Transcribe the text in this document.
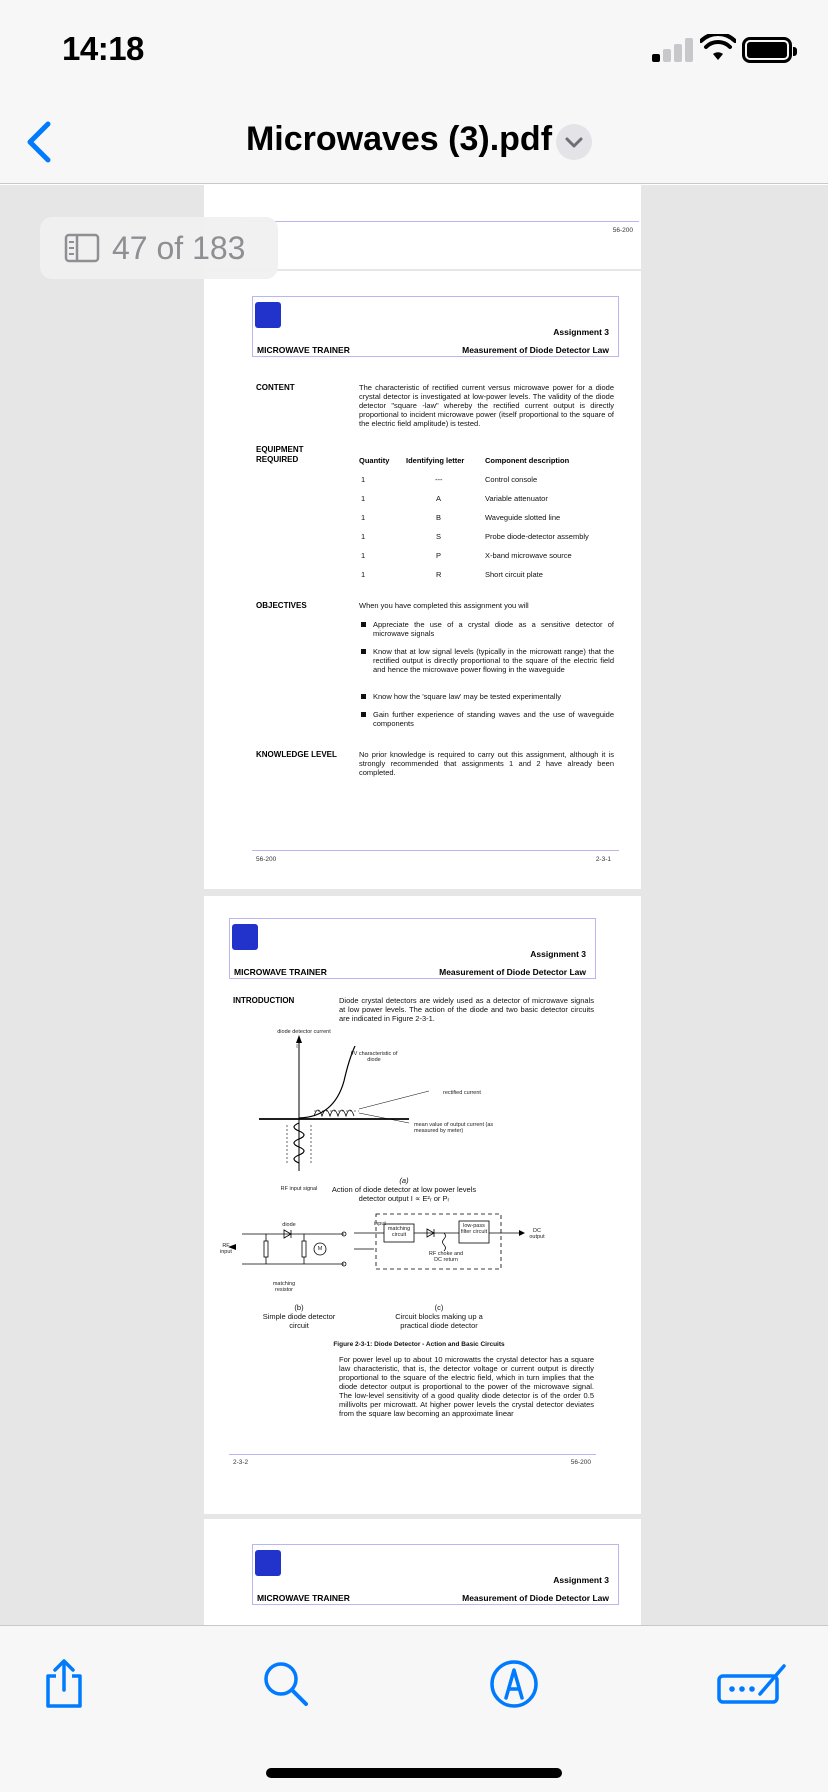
14:18
Microwaves (3).pdf
56-200
Assignment 3
MICROWAVE TRAINER	Measurement of Diode Detector Law
CONTENT	The characteristic of rectified current versus microwave power for a diode crystal detector is investigated at low-power levels. The validity of the diode detector "square -law" whereby the rectified current output is directly proportional to incident microwave power (itself proportional to the square of the electric field amplitude) is tested.
EQUIPMENT
REQUIRED	Quantity Identifying letter	Component description
1	---	Control console
1	A	Variable attenuator
1	B	Waveguide slotted line
1	S	Probe diode-detector assembly
1	P	X-band microwave source
1	R	Short circuit plate
OBJECTIVES	When you have completed this assignment you will
Appreciate the use of a crystal diode as a sensitive detector of microwave signals
Know that at low signal levels (typically in the microwatt range) that the rectified output is directly proportional to the square of the electric field and hence the microwave power flowing in the waveguide
Know how the 'square law' may be tested experimentally
Gain further experience of standing waves and the use of waveguide components
KNOWLEDGE LEVEL	No prior knowledge is required to carry out this assignment, although it is strongly recommended that assignments 1 and 2 have already been completed.
56-200	2-3-1
Assignment 3
MICROWAVE TRAINER	Measurement of Diode Detector Law
INTRODUCTION	Diode crystal detectors are widely used as a detector of microwave signals at low power levels. The action of the diode and two basic detector circuits are indicated in Figure 2-3-1.
diode detector current
I
I/V characteristic of diode
rectified current
mean value of output current (as measured by meter)
RF input signal
(a)
Action of diode detector at low power levels
detector output I ∝ E²ᵣ or Pᵣ
diode
RF input
M
matching resistor
(b)
Simple diode detector circuit
input
matching circuit
low-pass filter circuit	DC output
RF choke and DC return
(c)
Circuit blocks making up a practical diode detector
Figure 2-3-1: Diode Detector - Action and Basic Circuits
For power level up to about 10 microwatts the crystal detector has a square law characteristic, that is, the detector voltage or current output is directly proportional to the square of the electric field, which in turn implies that the diode detector output is proportional to the power of the microwave signal. The low-level sensitivity of a good quality diode detector is of the order 0.5 millivolts per microwatt. At higher power levels the crystal detector deviates from the square law becoming an approximate linear
2-3-2	56-200
Assignment 3
MICROWAVE TRAINER	Measurement of Diode Detector Law
47 of 183
